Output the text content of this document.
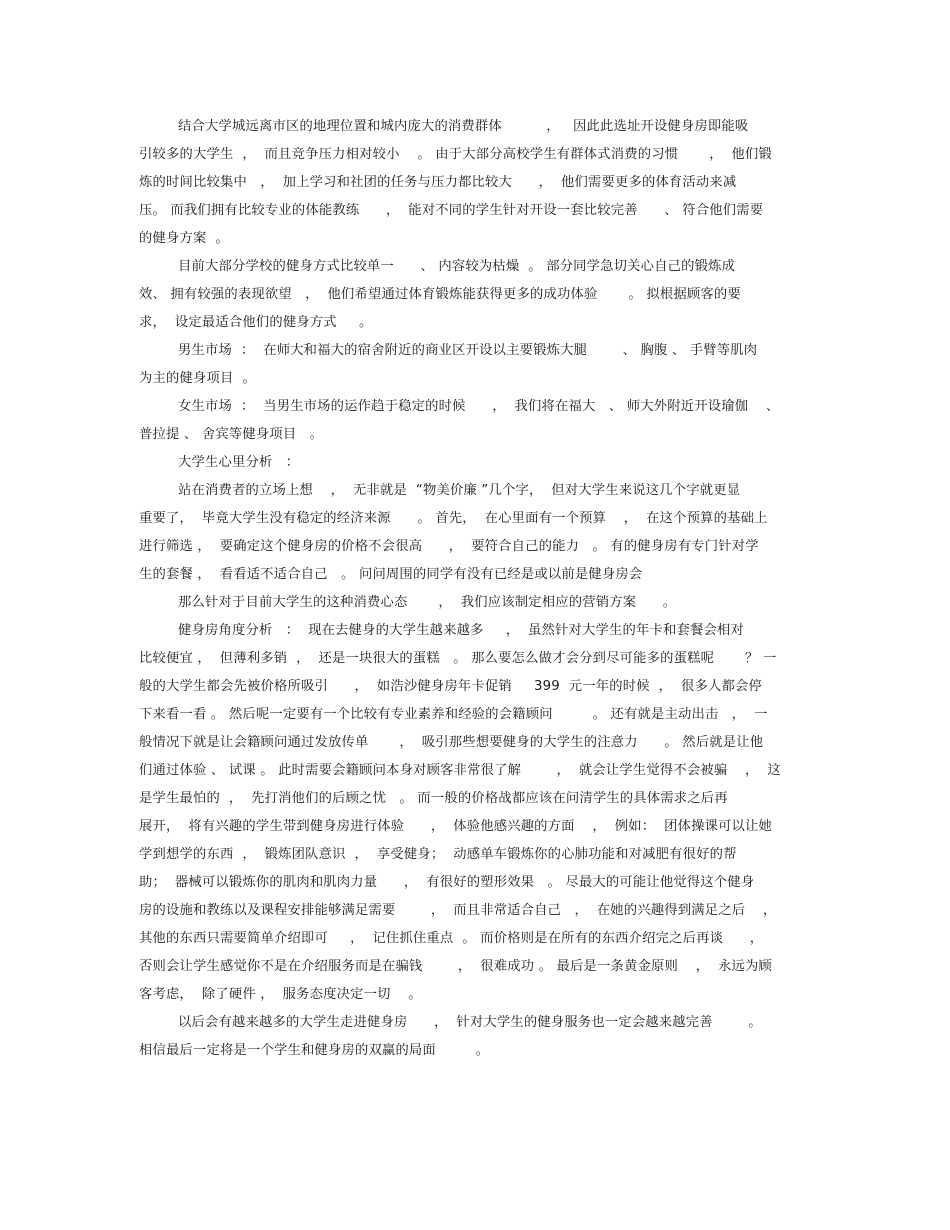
结合大学城远离市区的地理位置和城内庞大的消费群体          ，   因此此选址开设健身房即能吸
引较多的大学生  ，  而且竞争压力相对较小    。 由于大部分高校学生有群体式消费的习惯       ，  他们锻
炼的时间比较集中   ，  加上学习和社团的任务与压力都比较大      ，  他们需要更多的体育活动来减
压。 而我们拥有比较专业的体能教练      ，  能对不同的学生针对开设一套比较完善      、 符合他们需要
的健身方案  。
目前大部分学校的健身方式比较单一      、 内容较为枯燥  。 部分同学急切关心自己的锻炼成
效、 拥有较强的表现欲望   ，  他们希望通过体育锻炼能获得更多的成功体验       。 拟根据顾客的要
求，  设定最适合他们的健身方式     。
男生市场  ：  在师大和福大的宿舍附近的商业区开设以主要锻炼大腿        、 胸腹 、 手臂等肌肉
为主的健身项目  。
女生市场  ：  当男生市场的运作趋于稳定的时候      ，  我们将在福大   、 师大外附近开设瑜伽    、
普拉提 、 舍宾等健身项目   。
大学生心里分析   ：
站在消费者的立场上想    ，  无非就是  “物美价廉 ”几个字，  但对大学生来说这几个字就更显
重要了，  毕竟大学生没有稳定的经济来源      。 首先，  在心里面有一个预算    ，  在这个预算的基础上
进行筛选 ，  要确定这个健身房的价格不会很高      ，  要符合自己的能力   。 有的健身房有专门针对学
生的套餐 ，  看看适不适合自己   。 问问周围的同学有没有已经是或以前是健身房会
那么针对于目前大学生的这种消费心态       ，  我们应该制定相应的营销方案      。
健身房角度分析   ：  现在去健身的大学生越来越多     ，  虽然针对大学生的年卡和套餐会相对
比较便宜 ，  但薄利多销  ，  还是一块很大的蛋糕   。 那么要怎么做才会分到尽可能多的蛋糕呢       ？ 一
般的大学生都会先被价格所吸引      ，  如浩沙健身房年卡促销     399  元一年的时候  ，  很多人都会停
下来看一看 。 然后呢一定要有一个比较有专业素养和经验的会籍顾问         。 还有就是主动出击   ，  一
般情况下就是让会籍顾问通过发放传单       ，  吸引那些想要健身的大学生的注意力      。 然后就是让他
们通过体验 、 试课 。 此时需要会籍顾问本身对顾客非常很了解        ，  就会让学生觉得不会被骗    ，  这
是学生最怕的  ，  先打消他们的后顾之忧   。 而一般的价格战都应该在问清学生的具体需求之后再
展开，  将有兴趣的学生带到健身房进行体验      ，  体验他感兴趣的方面    ，  例如：  团体操课可以让她
学到想学的东西  ，  锻炼团队意识  ，  享受健身；  动感单车锻炼你的心肺功能和对减肥有很好的帮
助；  器械可以锻炼你的肌肉和肌肉力量      ，  有很好的塑形效果   。 尽最大的可能让他觉得这个健身
房的设施和教练以及课程安排能够满足需要        ，  而且非常适合自己   ，  在她的兴趣得到满足之后    ，
其他的东西只需要简单介绍即可     ，  记住抓住重点  。 而价格则是在所有的东西介绍完之后再谈      ，
否则会让学生感觉你不是在介绍服务而是在骗钱        ，  很难成功 。 最后是一条黄金原则    ，  永远为顾
客考虑，  除了硬件 ，  服务态度决定一切    。
以后会有越来越多的大学生走进健身房      ，  针对大学生的健身服务也一定会越来越完善        。
相信最后一定将是一个学生和健身房的双赢的局面         。
